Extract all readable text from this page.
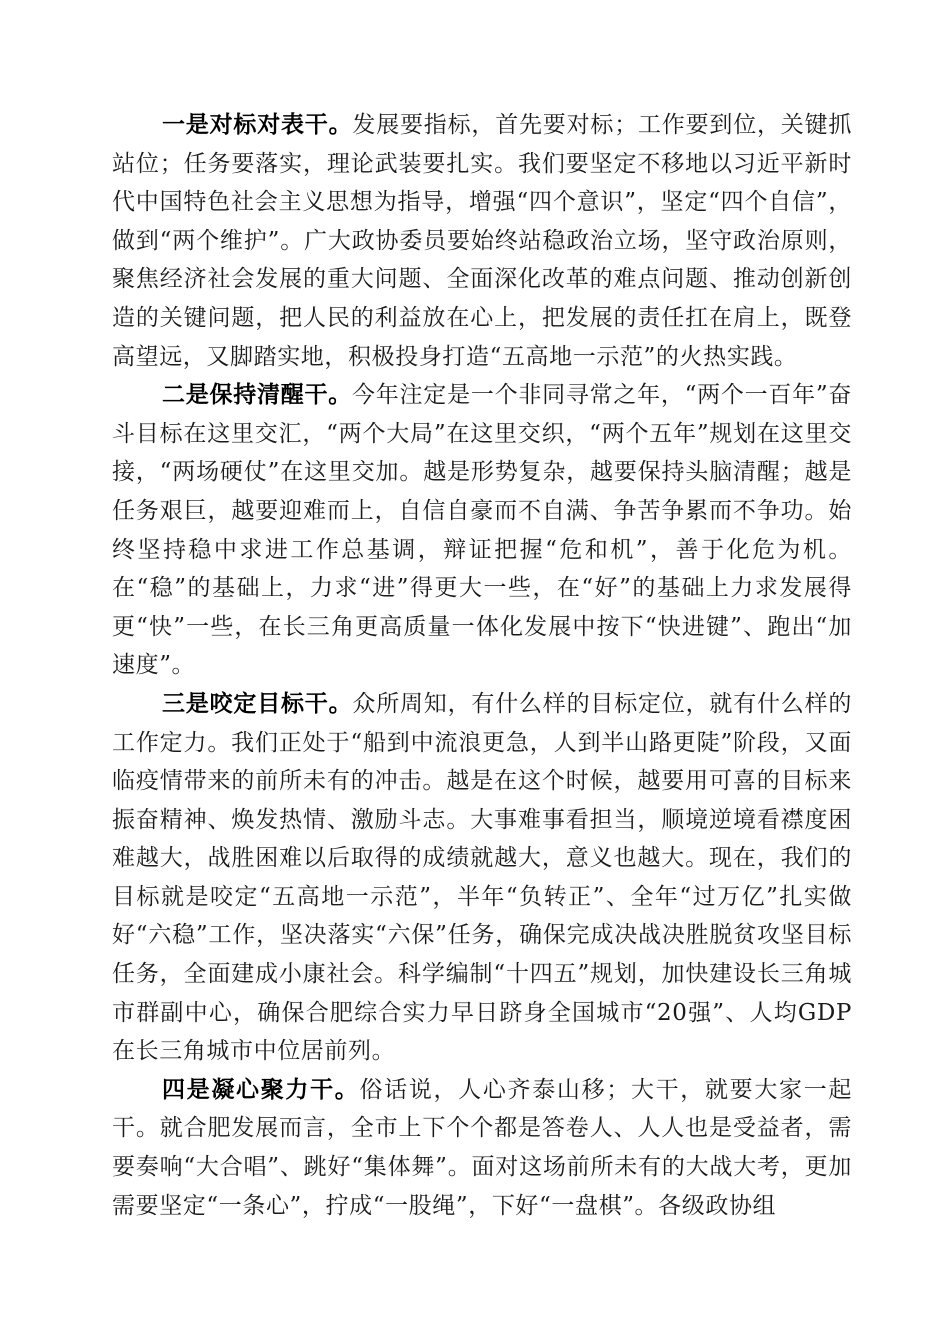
一是对标对表干。发展要指标，首先要对标；工作要到位，关键抓站位；任务要落实，理论武装要扎实。我们要坚定不移地以习近平新时代中国特色社会主义思想为指导，增强“四个意识”，坚定“四个自信”，做到“两个维护”。广大政协委员要始终站稳政治立场，坚守政治原则，聚焦经济社会发展的重大问题、全面深化改革的难点问题、推动创新创造的关键问题，把人民的利益放在心上，把发展的责任扛在肩上，既登高望远，又脚踏实地，积极投身打造“五高地一示范”的火热实践。

二是保持清醒干。今年注定是一个非同寻常之年，“两个一百年”奋斗目标在这里交汇，“两个大局”在这里交织，“两个五年”规划在这里交接，“两场硬仗”在这里交加。越是形势复杂，越要保持头脑清醒；越是任务艰巨，越要迎难而上，自信自豪而不自满、争苦争累而不争功。始终坚持稳中求进工作总基调，辩证把握“危和机”，善于化危为机。在“稳”的基础上，力求“进”得更大一些，在“好”的基础上力求发展得更“快”一些，在长三角更高质量一体化发展中按下“快进键”、跑出“加速度”。

三是咬定目标干。众所周知，有什么样的目标定位，就有什么样的工作定力。我们正处于“船到中流浪更急，人到半山路更陡”阶段，又面临疫情带来的前所未有的冲击。越是在这个时候，越要用可喜的目标来振奋精神、焕发热情、激励斗志。大事难事看担当，顺境逆境看襟度困难越大，战胜困难以后取得的成绩就越大，意义也越大。现在，我们的目标就是咬定“五高地一示范”，半年“负转正”、全年“过万亿”扎实做好“六稳”工作，坚决落实“六保”任务，确保完成决战决胜脱贫攻坚目标任务，全面建成小康社会。科学编制“十四五”规划，加快建设长三角城市群副中心，确保合肥综合实力早日跻身全国城市“20强”、人均GDP在长三角城市中位居前列。

四是凝心聚力干。俗话说，人心齐泰山移；大干，就要大家一起干。就合肥发展而言，全市上下个个都是答卷人、人人也是受益者，需要奏响“大合唱”、跳好“集体舞”。面对这场前所未有的大战大考，更加需要坚定“一条心”，拧成“一股绳”，下好“一盘棋”。各级政协组
